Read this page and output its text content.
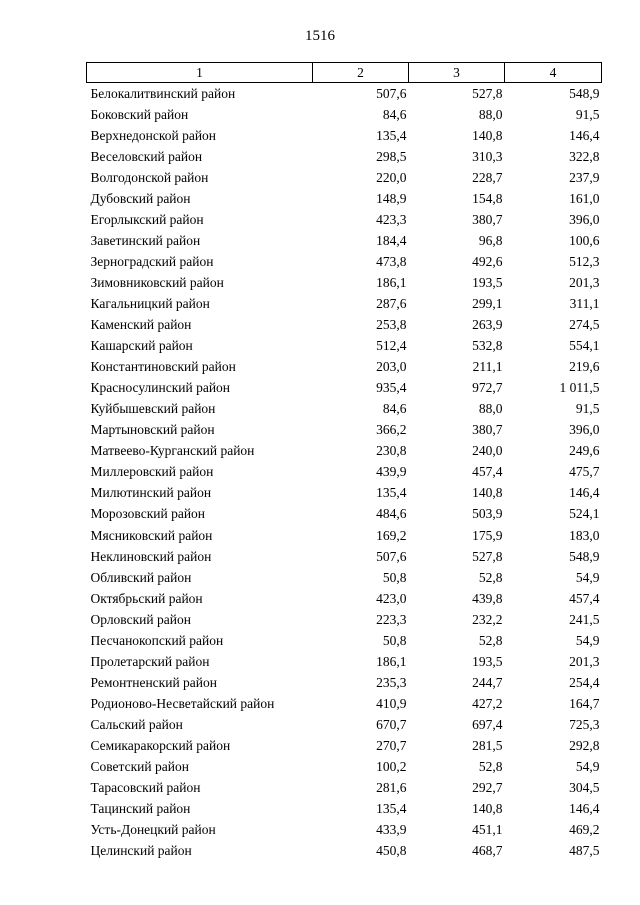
1516
1	2	3	4
Белокалитвинский район	507,6	527,8	548,9
Боковский район	84,6	88,0	91,5
Верхнедонской район	135,4	140,8	146,4
Веселовский район	298,5	310,3	322,8
Волгодонской район	220,0	228,7	237,9
Дубовский район	148,9	154,8	161,0
Егорлыкский район	423,3	380,7	396,0
Заветинский район	184,4	96,8	100,6
Зерноградский район	473,8	492,6	512,3
Зимовниковский район	186,1	193,5	201,3
Кагальницкий район	287,6	299,1	311,1
Каменский район	253,8	263,9	274,5
Кашарский район	512,4	532,8	554,1
Константиновский район	203,0	211,1	219,6
Красносулинский район	935,4	972,7	1 011,5
Куйбышевский район	84,6	88,0	91,5
Мартыновский район	366,2	380,7	396,0
Матвеево-Курганский район	230,8	240,0	249,6
Миллеровский район	439,9	457,4	475,7
Милютинский район	135,4	140,8	146,4
Морозовский район	484,6	503,9	524,1
Мясниковский район	169,2	175,9	183,0
Неклиновский район	507,6	527,8	548,9
Обливский район	50,8	52,8	54,9
Октябрьский район	423,0	439,8	457,4
Орловский район	223,3	232,2	241,5
Песчанокопский район	50,8	52,8	54,9
Пролетарский район	186,1	193,5	201,3
Ремонтненский район	235,3	244,7	254,4
Родионово-Несветайский район	410,9	427,2	164,7
Сальский район	670,7	697,4	725,3
Семикаракорский район	270,7	281,5	292,8
Советский район	100,2	52,8	54,9
Тарасовский район	281,6	292,7	304,5
Тацинский район	135,4	140,8	146,4
Усть-Донецкий район	433,9	451,1	469,2
Целинский район	450,8	468,7	487,5
